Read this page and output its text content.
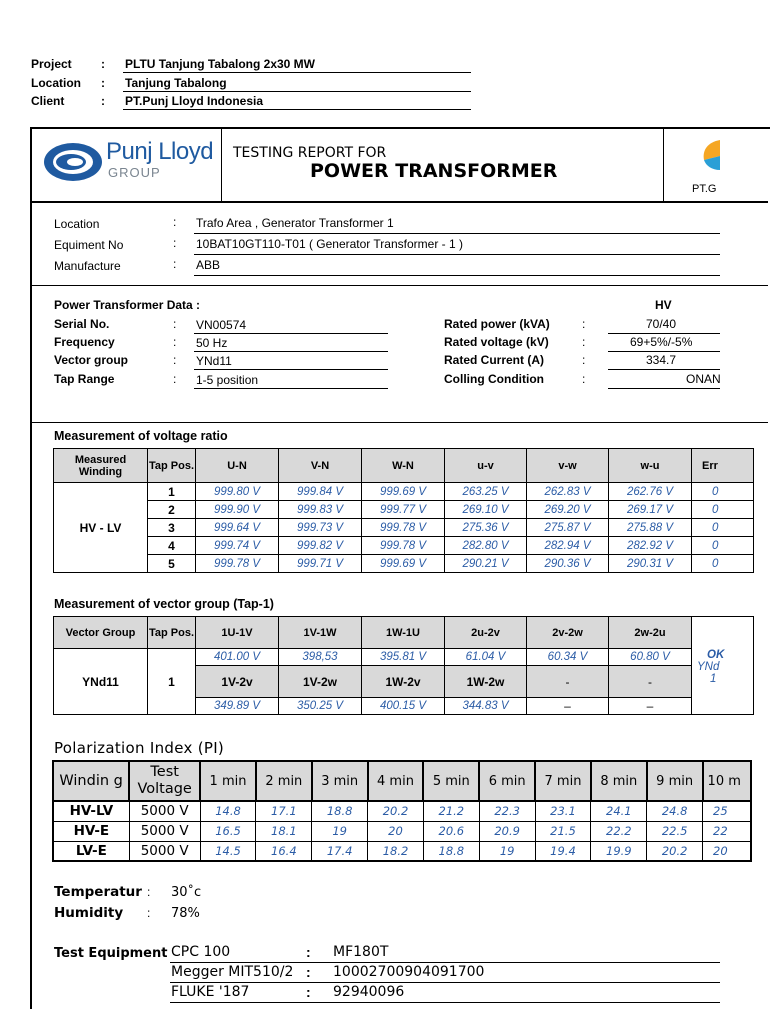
Project : PLTU Tanjung Tabalong 2x30 MW
Location : Tanjung Tabalong
Client	: PT.Punj Lloyd Indonesia
Punj Lloyd
GROUP
TESTING REPORT FOR
POWER TRANSFORMER
PT.G
Location	: Trafo Area , Generator Transformer 1
Equiment No	: 10BAT10GT110-T01 ( Generator Transformer - 1 )
Manufacture	: ABB
Power Transformer Data :	HV
Serial No.	: VN00574
Frequency	: 50 Hz
Vector group	: YNd11
Tap Range	: 1-5 position
Rated power (kVA)	:	70/40
Rated voltage (kV)	:	69+5%/-5%
Rated Current (A)	:	334.7
Colling Condition	:	ONAN
Measurement of voltage ratio
Measured Winding	Tap Pos.	U-N	V-N	W-N	u-v	v-w	w-u	Err
HV - LV	1	999.80 V	999.84 V	999.69 V	263.25 V	262.83 V	262.76 V	0
	2	999.90 V	999.83 V	999.77 V	269.10 V	269.20 V	269.17 V	0
	3	999.64 V	999.73 V	999.78 V	275.36 V	275.87 V	275.88 V	0
	4	999.74 V	999.82 V	999.78 V	282.80 V	282.94 V	282.92 V	0
	5	999.78 V	999.71 V	999.69 V	290.21 V	290.36 V	290.31 V	0
Measurement of vector group (Tap-1)
Vector Group	Tap Pos.	1U-1V	1V-1W	1W-1U	2u-2v	2v-2w	2w-2u	
YNd11	1	401.00 V	398,53	395.81 V	61.04 V	60.34 V	60.80 V	OK
YNd
1

		1V-2v	1V-2w	1W-2v	1W-2w	-	-	
		349.89 V	350.25 V	400.15 V	344.83 V	–	–	
Polarization Index (PI)
Windin g	Test Voltage	1 min	2 min	3 min	4 min	5 min	6 min	7 min	8 min	9 min	10 m
HV-LV	5000 V	14.8	17.1	18.8	20.2	21.2	22.3	23.1	24.1	24.8	25
HV-E	5000 V	16.5	18.1	19	20	20.6	20.9	21.5	22.2	22.5	22
LV-E	5000 V	14.5	16.4	17.4	18.2	18.8	19	19.4	19.9	20.2	20
Temperatur : 30˚c
Humidity : 78%
Test Equipment CPC 100	: MF180T
Megger MIT510/2 : 10002700904091700
FLUKE '187	: 92940096
